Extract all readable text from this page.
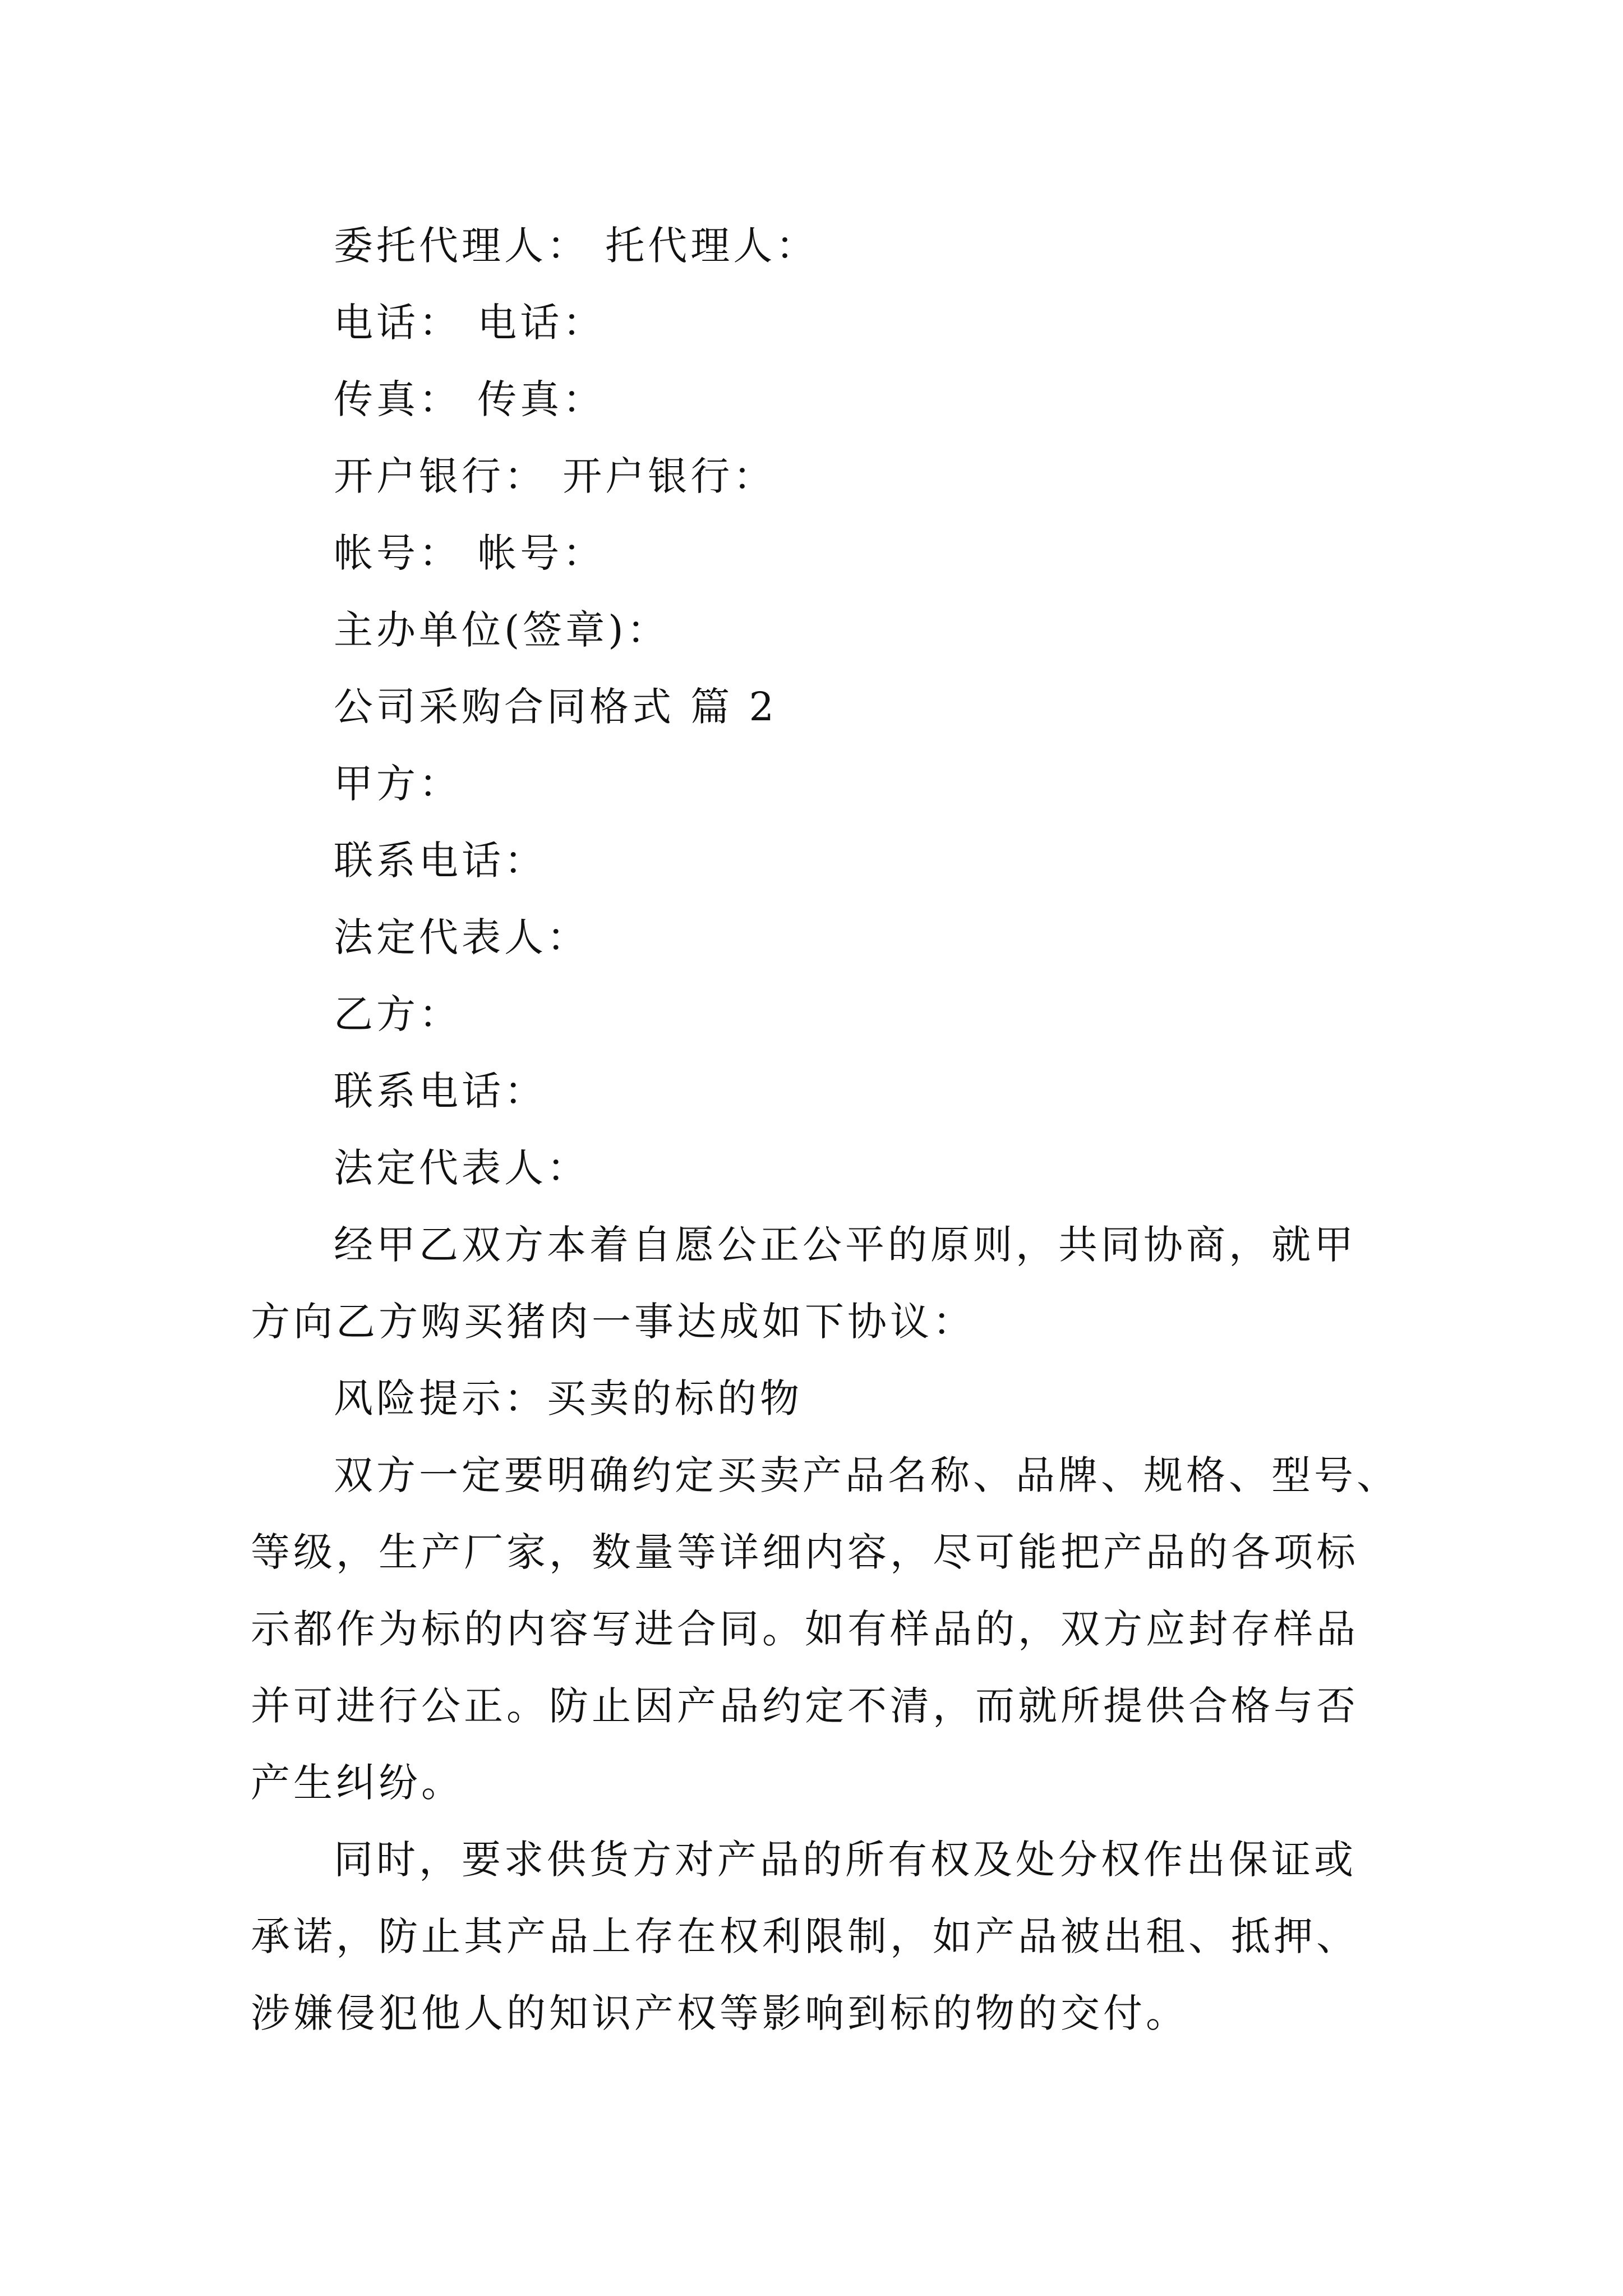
委托代理人： 托代理人：

电话： 电话：

传真： 传真：

开户银行： 开户银行：

帐号： 帐号：

主办单位(签章)：

公司采购合同格式 篇 2

甲方：

联系电话：

法定代表人：

乙方：

联系电话：

法定代表人：

经甲乙双方本着自愿公正公平的原则，共同协商，就甲
方向乙方购买猪肉一事达成如下协议：
风险提示：买卖的标的物
双方一定要明确约定买卖产品名称、品牌、规格、型号、
等级，生产厂家，数量等详细内容，尽可能把产品的各项标
示都作为标的内容写进合同。如有样品的，双方应封存样品
并可进行公正。防止因产品约定不清，而就所提供合格与否
产生纠纷。
同时，要求供货方对产品的所有权及处分权作出保证或
承诺，防止其产品上存在权利限制，如产品被出租、抵押、
涉嫌侵犯他人的知识产权等影响到标的物的交付。
